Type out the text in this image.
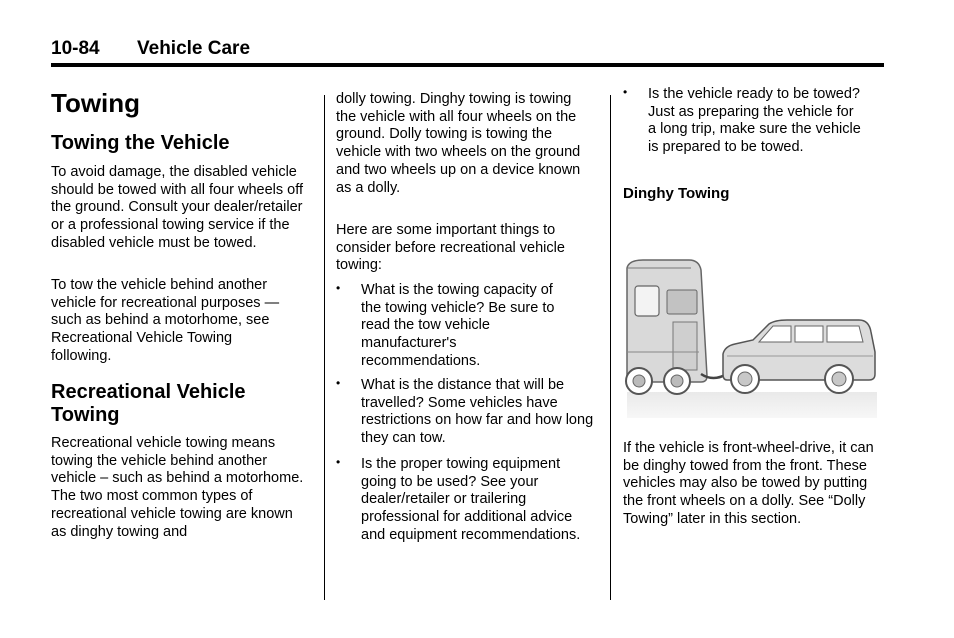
10-84 Vehicle Care
Towing
Towing the Vehicle

To avoid damage, the disabled vehicle should be towed with all four wheels off the ground. Consult your dealer/retailer or a professional towing service if the disabled vehicle must be towed.

To tow the vehicle behind another vehicle for recreational purposes — such as behind a motorhome, see Recreational Vehicle Towing following.

Recreational Vehicle Towing

Recreational vehicle towing means towing the vehicle behind another vehicle – such as behind a motorhome. The two most common types of recreational vehicle towing are known as dinghy towing and

dolly towing. Dinghy towing is towing the vehicle with all four wheels on the ground. Dolly towing is towing the vehicle with two wheels on the ground and two wheels up on a device known as a dolly.

Here are some important things to consider before recreational vehicle towing:

• What is the towing capacity of the towing vehicle? Be sure to read the tow vehicle manufacturer's recommendations.
• What is the distance that will be travelled? Some vehicles have restrictions on how far and how long they can tow.
• Is the proper towing equipment going to be used? See your dealer/retailer or trailering professional for additional advice and equipment recommendations.
• Is the vehicle ready to be towed? Just as preparing the vehicle for a long trip, make sure the vehicle is prepared to be towed.
Dinghy Towing

If the vehicle is front-wheel-drive, it can be dinghy towed from the front. These vehicles may also be towed by putting the front wheels on a dolly. See “Dolly Towing” later in this section.
